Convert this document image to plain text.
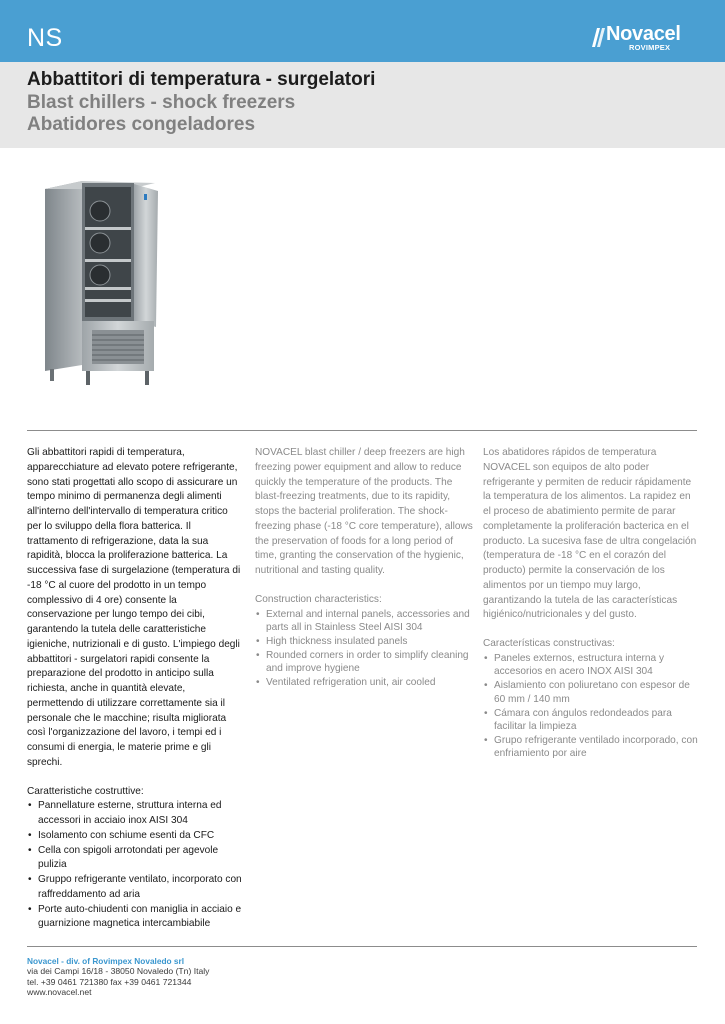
NS	Novacel
ROVIMPEX
Abbattitori di temperatura - surgelatori
Blast chillers - shock freezers
Abatidores congeladores

Gli abbattitori rapidi di temperatura, apparecchiature ad elevato potere refrigerante, sono stati progettati allo scopo di assicurare un tempo minimo di permanenza degli alimenti all'interno dell'intervallo di temperatura critico per lo sviluppo della flora batterica. Il trattamento di refrigerazione, data la sua rapidità, blocca la proliferazione batterica. La successiva fase di surgelazione (temperatura di -18 °C al cuore del prodotto in un tempo complessivo di 4 ore) consente la conservazione per lungo tempo dei cibi, garantendo la tutela delle caratteristiche igieniche, nutrizionali e di gusto. L'impiego degli abbattitori - surgelatori rapidi consente la preparazione del prodotto in anticipo sulla richiesta, anche in quantità elevate, permettendo di utilizzare correttamente sia il personale che le macchine; risulta migliorata così l'organizzazione del lavoro, i tempi ed i consumi di energia, le materie prime e gli sprechi.

Caratteristiche costruttive:

• Pannellature esterne, struttura interna ed accessori in acciaio inox AISI 304
• Isolamento con schiume esenti da CFC
• Cella con spigoli arrotondati per agevole pulizia
• Gruppo refrigerante ventilato, incorporato con raffreddamento ad aria
• Porte auto-chiudenti con maniglia in acciaio e guarnizione magnetica intercambiabile

NOVACEL blast chiller / deep freezers are high freezing power equipment and allow to reduce quickly the temperature of the products. The blast-freezing treatments, due to its rapidity, stops the bacterial proliferation. The shock-freezing phase (-18 °C core temperature), allows the preservation of foods for a long period of time, granting the conservation of the hygienic, nutritional and tasting quality.

Construction characteristics:

• External and internal panels, accessories and parts all in Stainless Steel AISI 304
• High thickness insulated panels
• Rounded corners in order to simplify cleaning and improve hygiene
• Ventilated refrigeration unit, air cooled

Los abatidores rápidos de temperatura NOVACEL son equipos de alto poder refrigerante y permiten de reducir rápidamente la temperatura de los alimentos. La rapidez en el proceso de abatimiento permite de parar completamente la proliferación bacterica en el producto. La sucesiva fase de ultra congelación (temperatura de -18 °C en el corazón del producto) permite la conservación de los alimentos por un tiempo muy largo, garantizando la tutela de las características higiénico/nutricionales y del gusto.

Características constructivas:

• Paneles externos, estructura interna y accesorios en acero INOX AISI 304
• Aislamiento con poliuretano con espesor de 60 mm / 140 mm
• Cámara con ángulos redondeados para facilitar la limpieza
• Grupo refrigerante ventilado incorporado, con enfriamiento por aire
Novacel - div. of Rovimpex Novaledo srl
via dei Campi 16/18 - 38050 Novaledo (Tn) Italy
tel. +39 0461 721380 fax +39 0461 721344
www.novacel.net
